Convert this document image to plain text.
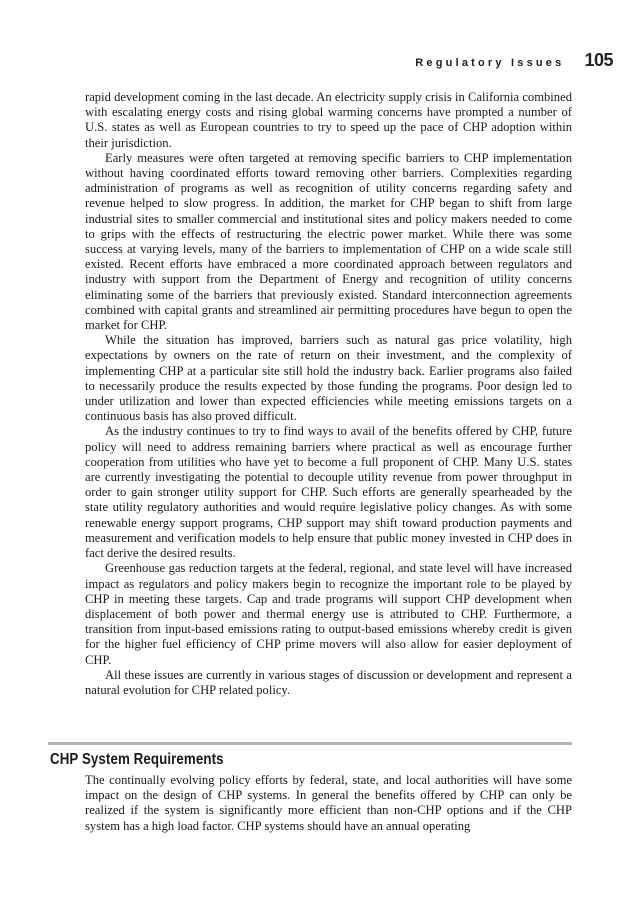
Regulatory Issues 105

rapid development coming in the last decade. An electricity supply crisis in California combined with escalating energy costs and rising global warming concerns have prompted a number of U.S. states as well as European countries to try to speed up the pace of CHP adoption within their jurisdiction.

Early measures were often targeted at removing specific barriers to CHP implementation without having coordinated efforts toward removing other barriers. Complexities regarding administration of programs as well as recognition of utility concerns regarding safety and revenue helped to slow progress. In addition, the market for CHP began to shift from large industrial sites to smaller commercial and institutional sites and policy makers needed to come to grips with the effects of restructuring the electric power market. While there was some success at varying levels, many of the barriers to implementation of CHP on a wide scale still existed. Recent efforts have embraced a more coordinated approach between regulators and industry with support from the Department of Energy and recognition of utility concerns eliminating some of the barriers that previously existed. Standard interconnection agreements combined with capital grants and streamlined air permitting procedures have begun to open the market for CHP.

While the situation has improved, barriers such as natural gas price volatility, high expectations by owners on the rate of return on their investment, and the complexity of implementing CHP at a particular site still hold the industry back. Earlier programs also failed to necessarily produce the results expected by those funding the programs. Poor design led to under utilization and lower than expected efficiencies while meeting emissions targets on a continuous basis has also proved difficult.

As the industry continues to try to find ways to avail of the benefits offered by CHP, future policy will need to address remaining barriers where practical as well as encourage further cooperation from utilities who have yet to become a full proponent of CHP. Many U.S. states are currently investigating the potential to decouple utility revenue from power throughput in order to gain stronger utility support for CHP. Such efforts are generally spearheaded by the state utility regulatory authorities and would require legislative policy changes. As with some renewable energy support programs, CHP support may shift toward production payments and measurement and verification models to help ensure that public money invested in CHP does in fact derive the desired results.

Greenhouse gas reduction targets at the federal, regional, and state level will have increased impact as regulators and policy makers begin to recognize the important role to be played by CHP in meeting these targets. Cap and trade programs will support CHP development when displacement of both power and thermal energy use is attributed to CHP. Furthermore, a transition from input-based emissions rating to output-based emissions whereby credit is given for the higher fuel efficiency of CHP prime movers will also allow for easier deployment of CHP.

All these issues are currently in various stages of discussion or development and represent a natural evolution for CHP related policy.

CHP System Requirements

The continually evolving policy efforts by federal, state, and local authorities will have some impact on the design of CHP systems. In general the benefits offered by CHP can only be realized if the system is significantly more efficient than non-CHP options and if the CHP system has a high load factor. CHP systems should have an annual operating
